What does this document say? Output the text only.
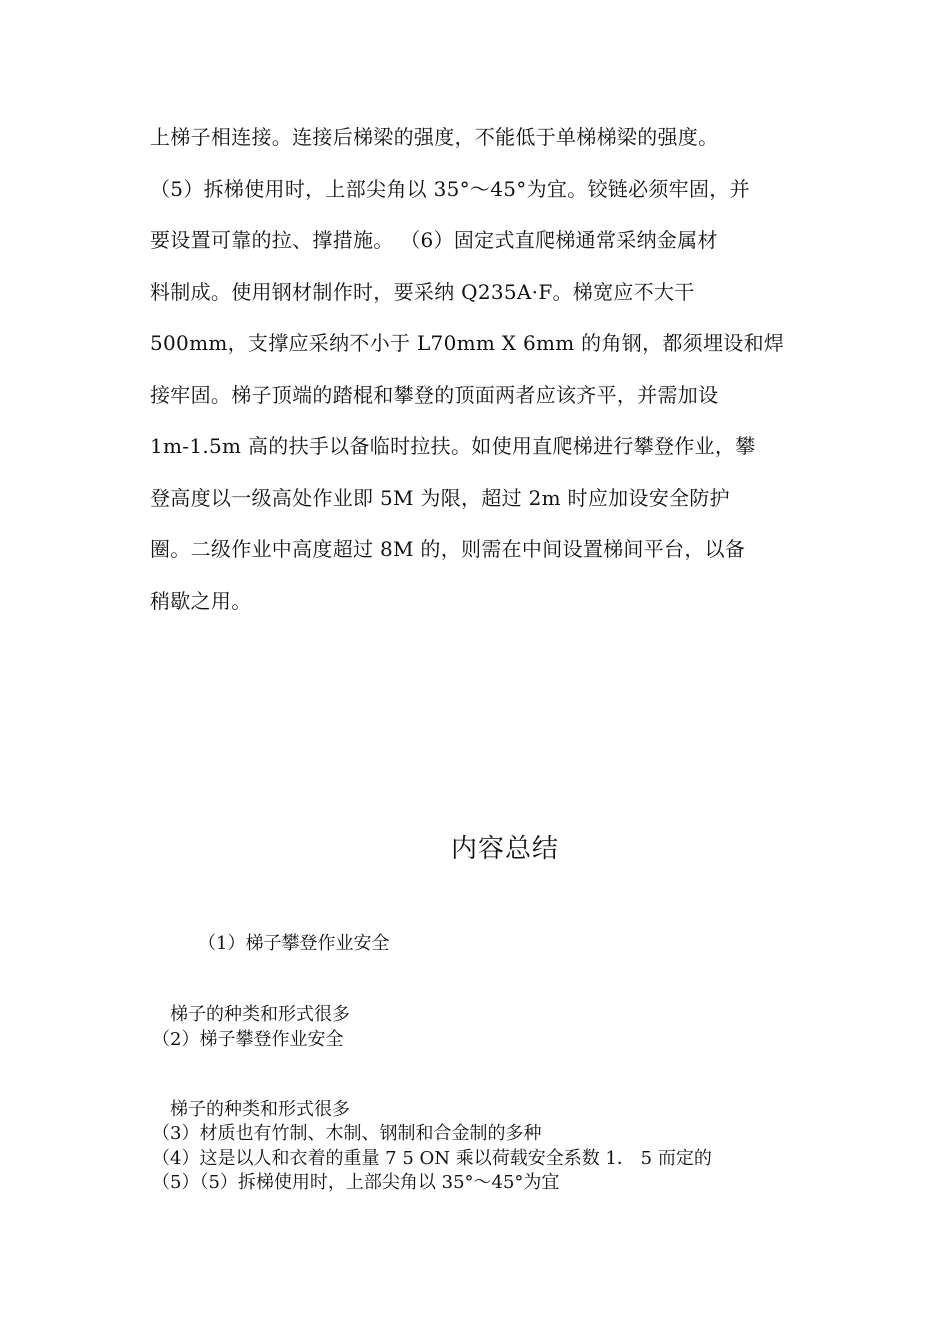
上梯子相连接。连接后梯梁的强度，不能低于单梯梯梁的强度。
（5）拆梯使用时，上部尖角以 35°～45°为宜。铰链必须牢固，并
要设置可靠的拉、撑措施。 （6）固定式直爬梯通常采纳金属材
料制成。使用钢材制作时，要采纳 Q235A·F。梯宽应不大干
500mm，支撑应采纳不小于 L70mm X 6mm 的角钢，都须埋设和焊
接牢固。梯子顶端的踏棍和攀登的顶面两者应该齐平，并需加设
1m-1.5m 高的扶手以备临时拉扶。如使用直爬梯进行攀登作业，攀
登高度以一级高处作业即 5M 为限，超过 2m 时应加设安全防护
圈。二级作业中高度超过 8M 的，则需在中间设置梯间平台，以备
稍歇之用。
内容总结
（1）梯子攀登作业安全
梯子的种类和形式很多
（2）梯子攀登作业安全
梯子的种类和形式很多
（3）材质也有竹制、木制、钢制和合金制的多种
（4）这是以人和衣着的重量 7 5 ON 乘以荷载安全系数 1． 5 而定的
（5）（5）拆梯使用时，上部尖角以 35°～45°为宜
